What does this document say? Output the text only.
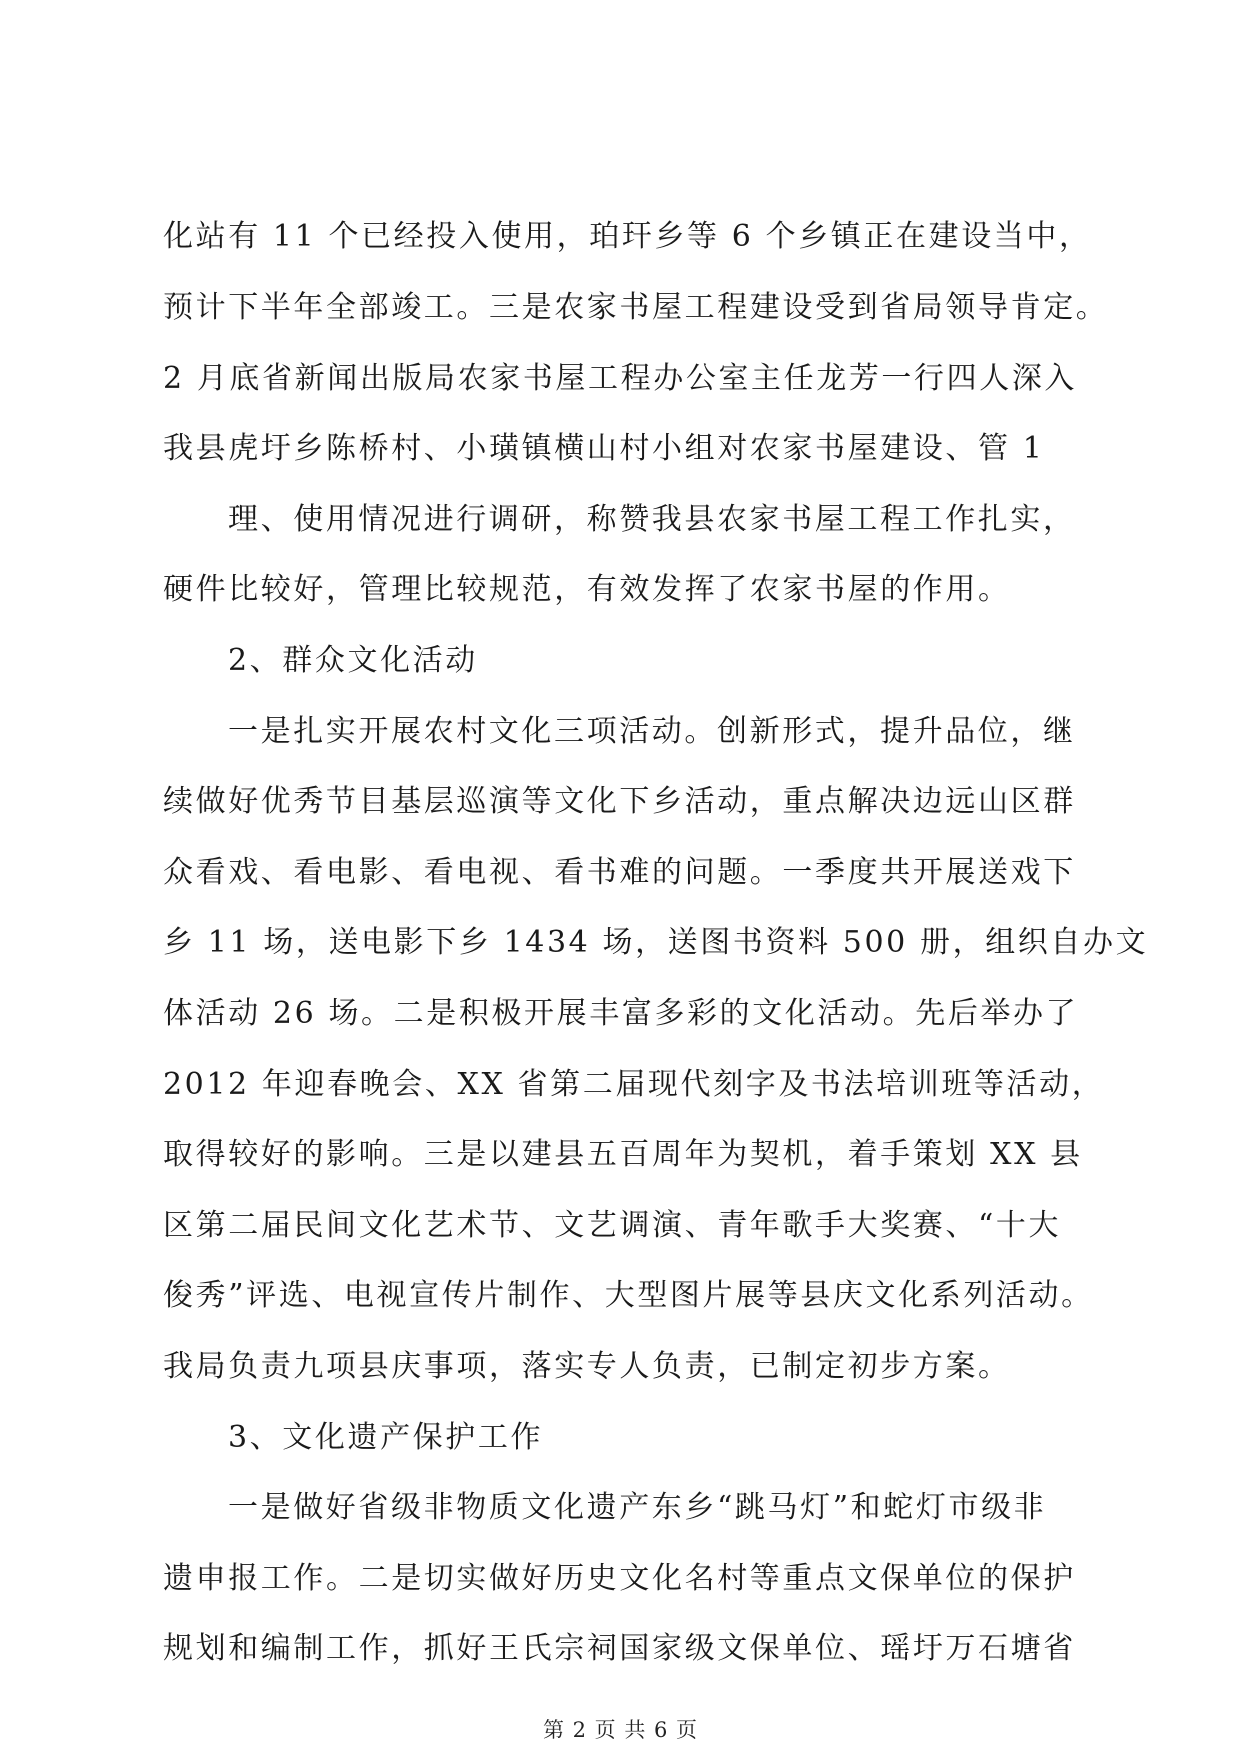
化站有 11 个已经投入使用，珀玕乡等 6 个乡镇正在建设当中，
预计下半年全部竣工。三是农家书屋工程建设受到省局领导肯定。
2 月底省新闻出版局农家书屋工程办公室主任龙芳一行四人深入
我县虎圩乡陈桥村、小璜镇横山村小组对农家书屋建设、管 1
理、使用情况进行调研，称赞我县农家书屋工程工作扎实，
硬件比较好，管理比较规范，有效发挥了农家书屋的作用。
2、群众文化活动
一是扎实开展农村文化三项活动。创新形式，提升品位，继
续做好优秀节目基层巡演等文化下乡活动，重点解决边远山区群
众看戏、看电影、看电视、看书难的问题。一季度共开展送戏下
乡 11 场，送电影下乡 1434 场，送图书资料 500 册，组织自办文
体活动 26 场。二是积极开展丰富多彩的文化活动。先后举办了
2012 年迎春晚会、XX 省第二届现代刻字及书法培训班等活动，
取得较好的影响。三是以建县五百周年为契机，着手策划 XX 县
区第二届民间文化艺术节、文艺调演、青年歌手大奖赛、“十大
俊秀”评选、电视宣传片制作、大型图片展等县庆文化系列活动。
我局负责九项县庆事项，落实专人负责，已制定初步方案。
3、文化遗产保护工作
一是做好省级非物质文化遗产东乡“跳马灯”和蛇灯市级非
遗申报工作。二是切实做好历史文化名村等重点文保单位的保护
规划和编制工作，抓好王氏宗祠国家级文保单位、瑶圩万石塘省
第 2 页 共 6 页
